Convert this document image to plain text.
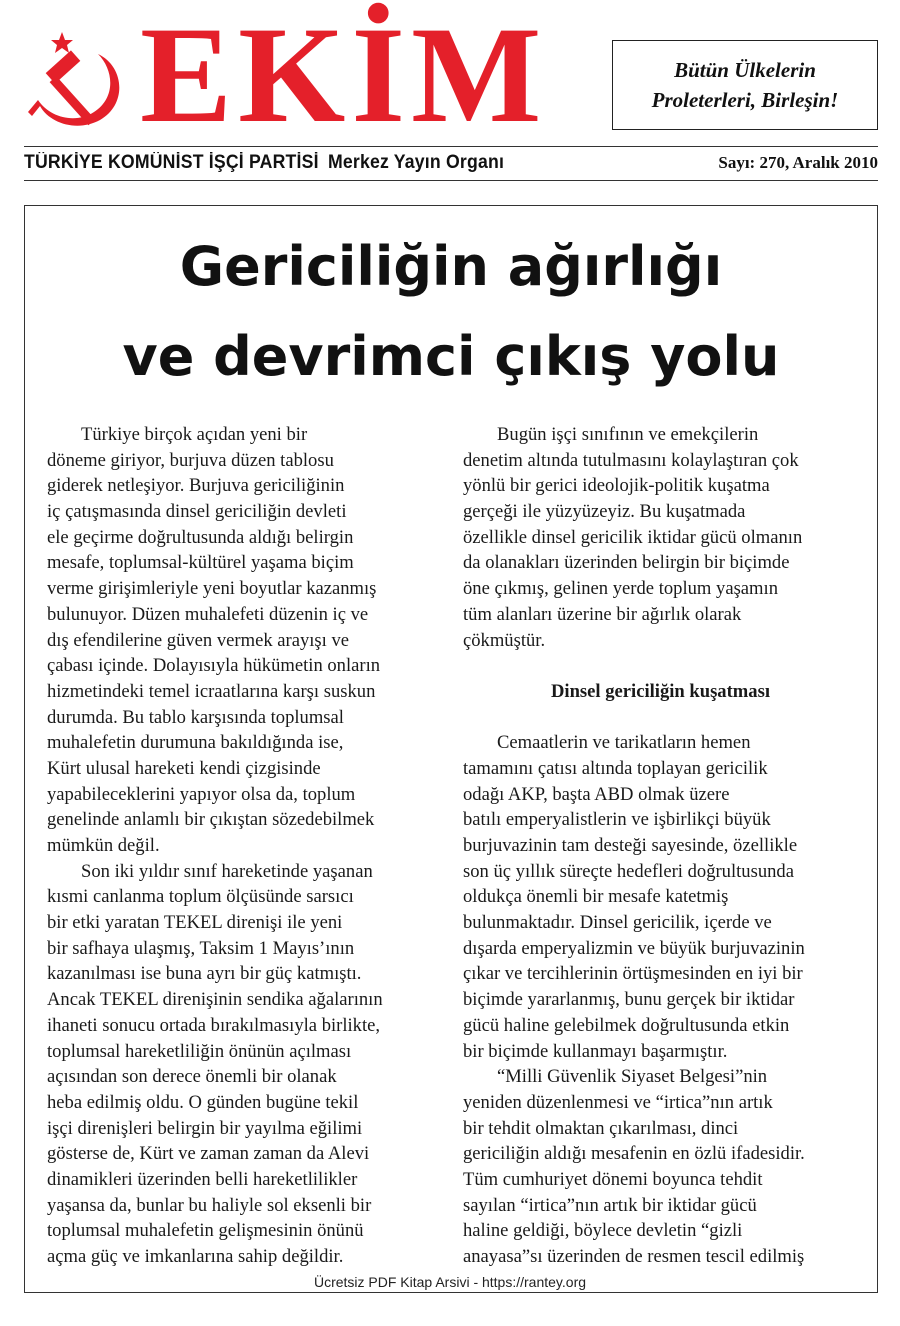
EKİM	Bütün Ülkelerin
Proleterleri, Birleşin!
TÜRKİYE KOMÜNİST İŞÇİ PARTİSİ Merkez Yayın Organı	Sayı: 270, Aralık 2010
Gericiliğin ağırlığı
ve devrimci çıkış yolu
Türkiye birçok açıdan yeni bir
döneme giriyor, burjuva düzen tablosu
giderek netleşiyor. Burjuva gericiliğinin
iç çatışmasında dinsel gericiliğin devleti
ele geçirme doğrultusunda aldığı belirgin
mesafe, toplumsal-kültürel yaşama biçim
verme girişimleriyle yeni boyutlar kazanmış
bulunuyor. Düzen muhalefeti düzenin iç ve
dış efendilerine güven vermek arayışı ve
çabası içinde. Dolayısıyla hükümetin onların
hizmetindeki temel icraatlarına karşı suskun
durumda. Bu tablo karşısında toplumsal
muhalefetin durumuna bakıldığında ise,
Kürt ulusal hareketi kendi çizgisinde
yapabileceklerini yapıyor olsa da, toplum
genelinde anlamlı bir çıkıştan sözedebilmek
mümkün değil.
Son iki yıldır sınıf hareketinde yaşanan
kısmi canlanma toplum ölçüsünde sarsıcı
bir etki yaratan TEKEL direnişi ile yeni
bir safhaya ulaşmış, Taksim 1 Mayıs’ının
kazanılması ise buna ayrı bir güç katmıştı.
Ancak TEKEL direnişinin sendika ağalarının
ihaneti sonucu ortada bırakılmasıyla birlikte,
toplumsal hareketliliğin önünün açılması
açısından son derece önemli bir olanak
heba edilmiş oldu. O günden bugüne tekil
işçi direnişleri belirgin bir yayılma eğilimi
gösterse de, Kürt ve zaman zaman da Alevi
dinamikleri üzerinden belli hareketlilikler
yaşansa da, bunlar bu haliyle sol eksenli bir
toplumsal muhalefetin gelişmesinin önünü
açma güç ve imkanlarına sahip değildir.
Bugün işçi sınıfının ve emekçilerin
denetim altında tutulmasını kolaylaştıran çok
yönlü bir gerici ideolojik-politik kuşatma
gerçeği ile yüzyüzeyiz. Bu kuşatmada
özellikle dinsel gericilik iktidar gücü olmanın
da olanakları üzerinden belirgin bir biçimde
öne çıkmış, gelinen yerde toplum yaşamın
tüm alanları üzerine bir ağırlık olarak
çökmüştür.
Dinsel gericiliğin kuşatması
Cemaatlerin ve tarikatların hemen
tamamını çatısı altında toplayan gericilik
odağı AKP, başta ABD olmak üzere
batılı emperyalistlerin ve işbirlikçi büyük
burjuvazinin tam desteği sayesinde, özellikle
son üç yıllık süreçte hedefleri doğrultusunda
oldukça önemli bir mesafe katetmiş
bulunmaktadır. Dinsel gericilik, içerde ve
dışarda emperyalizmin ve büyük burjuvazinin
çıkar ve tercihlerinin örtüşmesinden en iyi bir
biçimde yararlanmış, bunu gerçek bir iktidar
gücü haline gelebilmek doğrultusunda etkin
bir biçimde kullanmayı başarmıştır.
“Milli Güvenlik Siyaset Belgesi”nin
yeniden düzenlenmesi ve “irtica”nın artık
bir tehdit olmaktan çıkarılması, dinci
gericiliğin aldığı mesafenin en özlü ifadesidir.
Tüm cumhuriyet dönemi boyunca tehdit
sayılan “irtica”nın artık bir iktidar gücü
haline geldiği, böylece devletin “gizli
anayasa”sı üzerinden de resmen tescil edilmiş
Ücretsiz PDF Kitap Arsivi - https://rantey.org
